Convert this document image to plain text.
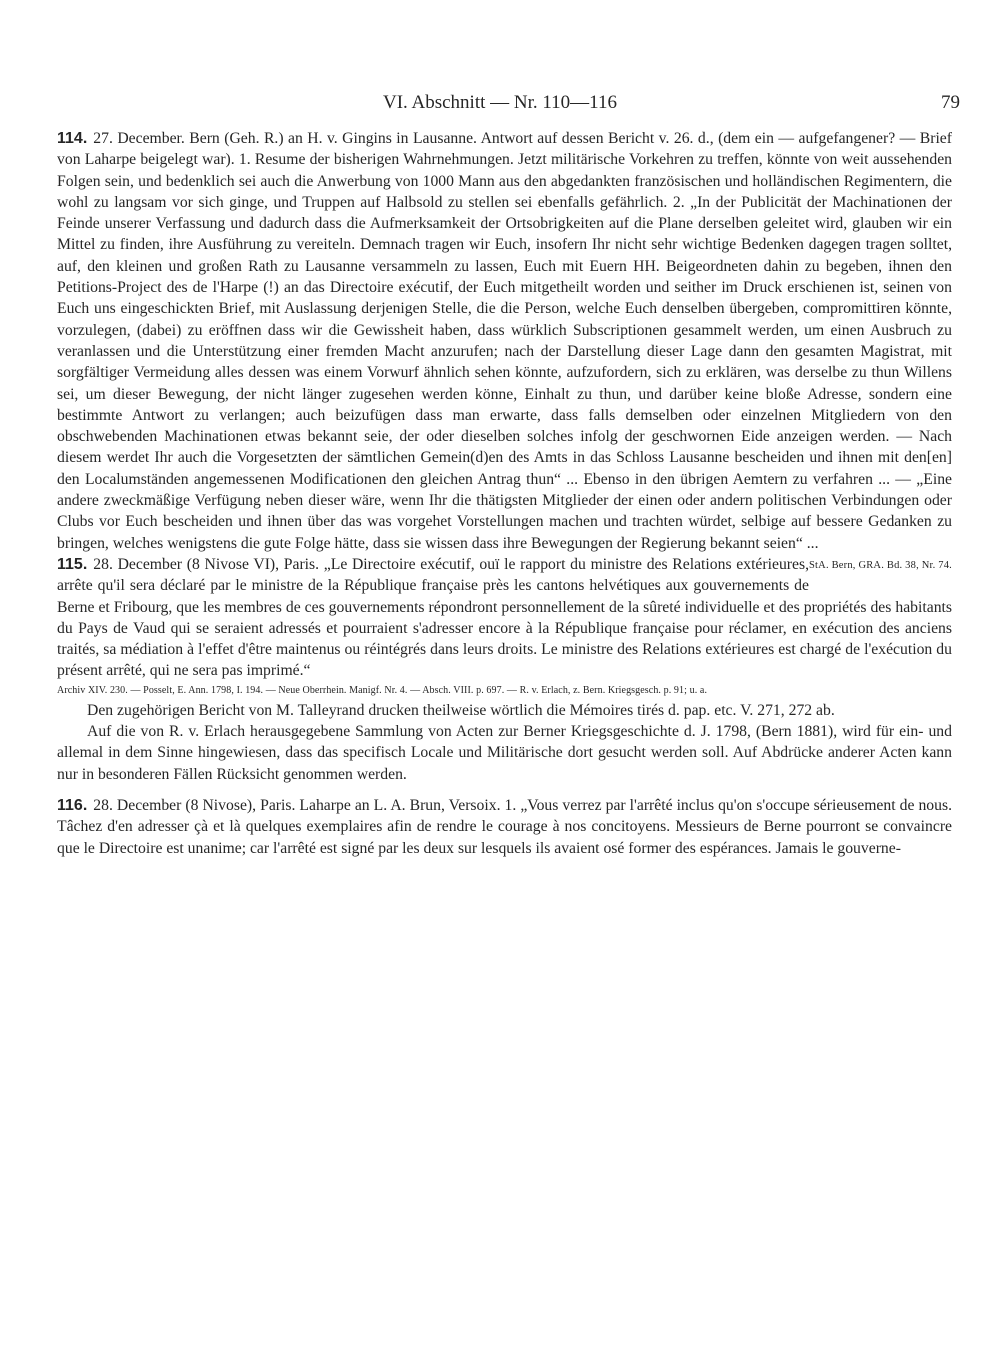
VI. Abschnitt — Nr. 110—116	79

114. 27. December. Bern (Geh. R.) an H. v. Gingins in Lausanne. Antwort auf dessen Bericht v. 26. d., (dem ein — aufgefangener? — Brief von Laharpe beigelegt war). 1. Resume der bisherigen Wahrnehmungen. Jetzt militärische Vorkehren zu treffen, könnte von weit aussehenden Folgen sein, und bedenklich sei auch die Anwerbung von 1000 Mann aus den abgedankten französischen und holländischen Regimentern, die wohl zu langsam vor sich ginge, und Truppen auf Halbsold zu stellen sei ebenfalls gefährlich. 2. „In der Publicität der Machinationen der Feinde unserer Verfassung und dadurch dass die Aufmerksamkeit der Ortsobrigkeiten auf die Plane derselben geleitet wird, glauben wir ein Mittel zu finden, ihre Ausführung zu vereiteln. Demnach tragen wir Euch, insofern Ihr nicht sehr wichtige Bedenken dagegen tragen solltet, auf, den kleinen und großen Rath zu Lausanne versammeln zu lassen, Euch mit Euern HH. Beigeordneten dahin zu begeben, ihnen den Petitions-Project des de l'Harpe (!) an das Directoire exécutif, der Euch mitgetheilt worden und seither im Druck erschienen ist, seinen von Euch uns eingeschickten Brief, mit Auslassung derjenigen Stelle, die die Person, welche Euch denselben übergeben, compromittiren könnte, vorzulegen, (dabei) zu eröffnen dass wir die Gewissheit haben, dass würklich Subscriptionen gesammelt werden, um einen Ausbruch zu veranlassen und die Unterstützung einer fremden Macht anzurufen; nach der Darstellung dieser Lage dann den gesamten Magistrat, mit sorgfältiger Vermeidung alles dessen was einem Vorwurf ähnlich sehen könnte, aufzufordern, sich zu erklären, was derselbe zu thun Willens sei, um dieser Bewegung, der nicht länger zugesehen werden könne, Einhalt zu thun, und darüber keine bloße Adresse, sondern eine bestimmte Antwort zu verlangen; auch beizufügen dass man erwarte, dass falls demselben oder einzelnen Mitgliedern von den obschwebenden Machinationen etwas bekannt seie, der oder dieselben solches infolg der geschwornen Eide anzeigen werden. — Nach diesem werdet Ihr auch die Vorgesetzten der sämtlichen Gemein(d)en des Amts in das Schloss Lausanne bescheiden und ihnen mit den[en] den Localumständen angemessenen Modificationen den gleichen Antrag thun“ ... Ebenso in den übrigen Aemtern zu verfahren ... — „Eine andere zweckmäßige Verfügung neben dieser wäre, wenn Ihr die thätigsten Mitglieder der einen oder andern politischen Verbindungen oder Clubs vor Euch bescheiden und ihnen über das was vorgehet Vorstellungen machen und trachten würdet, selbige auf bessere Gedanken zu bringen, welches wenigstens die gute Folge hätte, dass sie wissen dass ihre Bewegungen der Regierung bekannt seien“ ...
StA. Bern, GRA. Bd. 38, Nr. 74.

115. 28. December (8 Nivose VI), Paris. „Le Directoire exécutif, ouï le rapport du ministre des Relations extérieures, arrête qu'il sera déclaré par le ministre de la République française près les cantons helvétiques aux gouvernements de Berne et Fribourg, que les membres de ces gouvernements répondront personnellement de la sûreté individuelle et des propriétés des habitants du Pays de Vaud qui se seraient adressés et pourraient s'adresser encore à la République française pour réclamer, en exécution des anciens traités, sa médiation à l'effet d'être maintenus ou réintégrés dans leurs droits. Le ministre des Relations extérieures est chargé de l'exécution du présent arrêté, qui ne sera pas imprimé.“

Archiv XIV. 230. — Posselt, E. Ann. 1798, I. 194. — Neue Oberrhein. Manigf. Nr. 4. — Absch. VIII. p. 697. — R. v. Erlach, z. Bern. Kriegsgesch. p. 91; u. a.

Den zugehörigen Bericht von M. Talleyrand drucken theilweise wörtlich die Mémoires tirés d. pap. etc. V. 271, 272 ab.

Auf die von R. v. Erlach herausgegebene Sammlung von Acten zur Berner Kriegsgeschichte d. J. 1798, (Bern 1881), wird für ein- und allemal in dem Sinne hingewiesen, dass das specifisch Locale und Militärische dort gesucht werden soll. Auf Abdrücke anderer Acten kann nur in besonderen Fällen Rücksicht genommen werden.

116. 28. December (8 Nivose), Paris. Laharpe an L. A. Brun, Versoix. 1. „Vous verrez par l'arrêté inclus qu'on s'occupe sérieusement de nous. Tâchez d'en adresser çà et là quelques exemplaires afin de rendre le courage à nos concitoyens. Messieurs de Berne pourront se convaincre que le Directoire est unanime; car l'arrêté est signé par les deux sur lesquels ils avaient osé former des espérances. Jamais le gouverne-
